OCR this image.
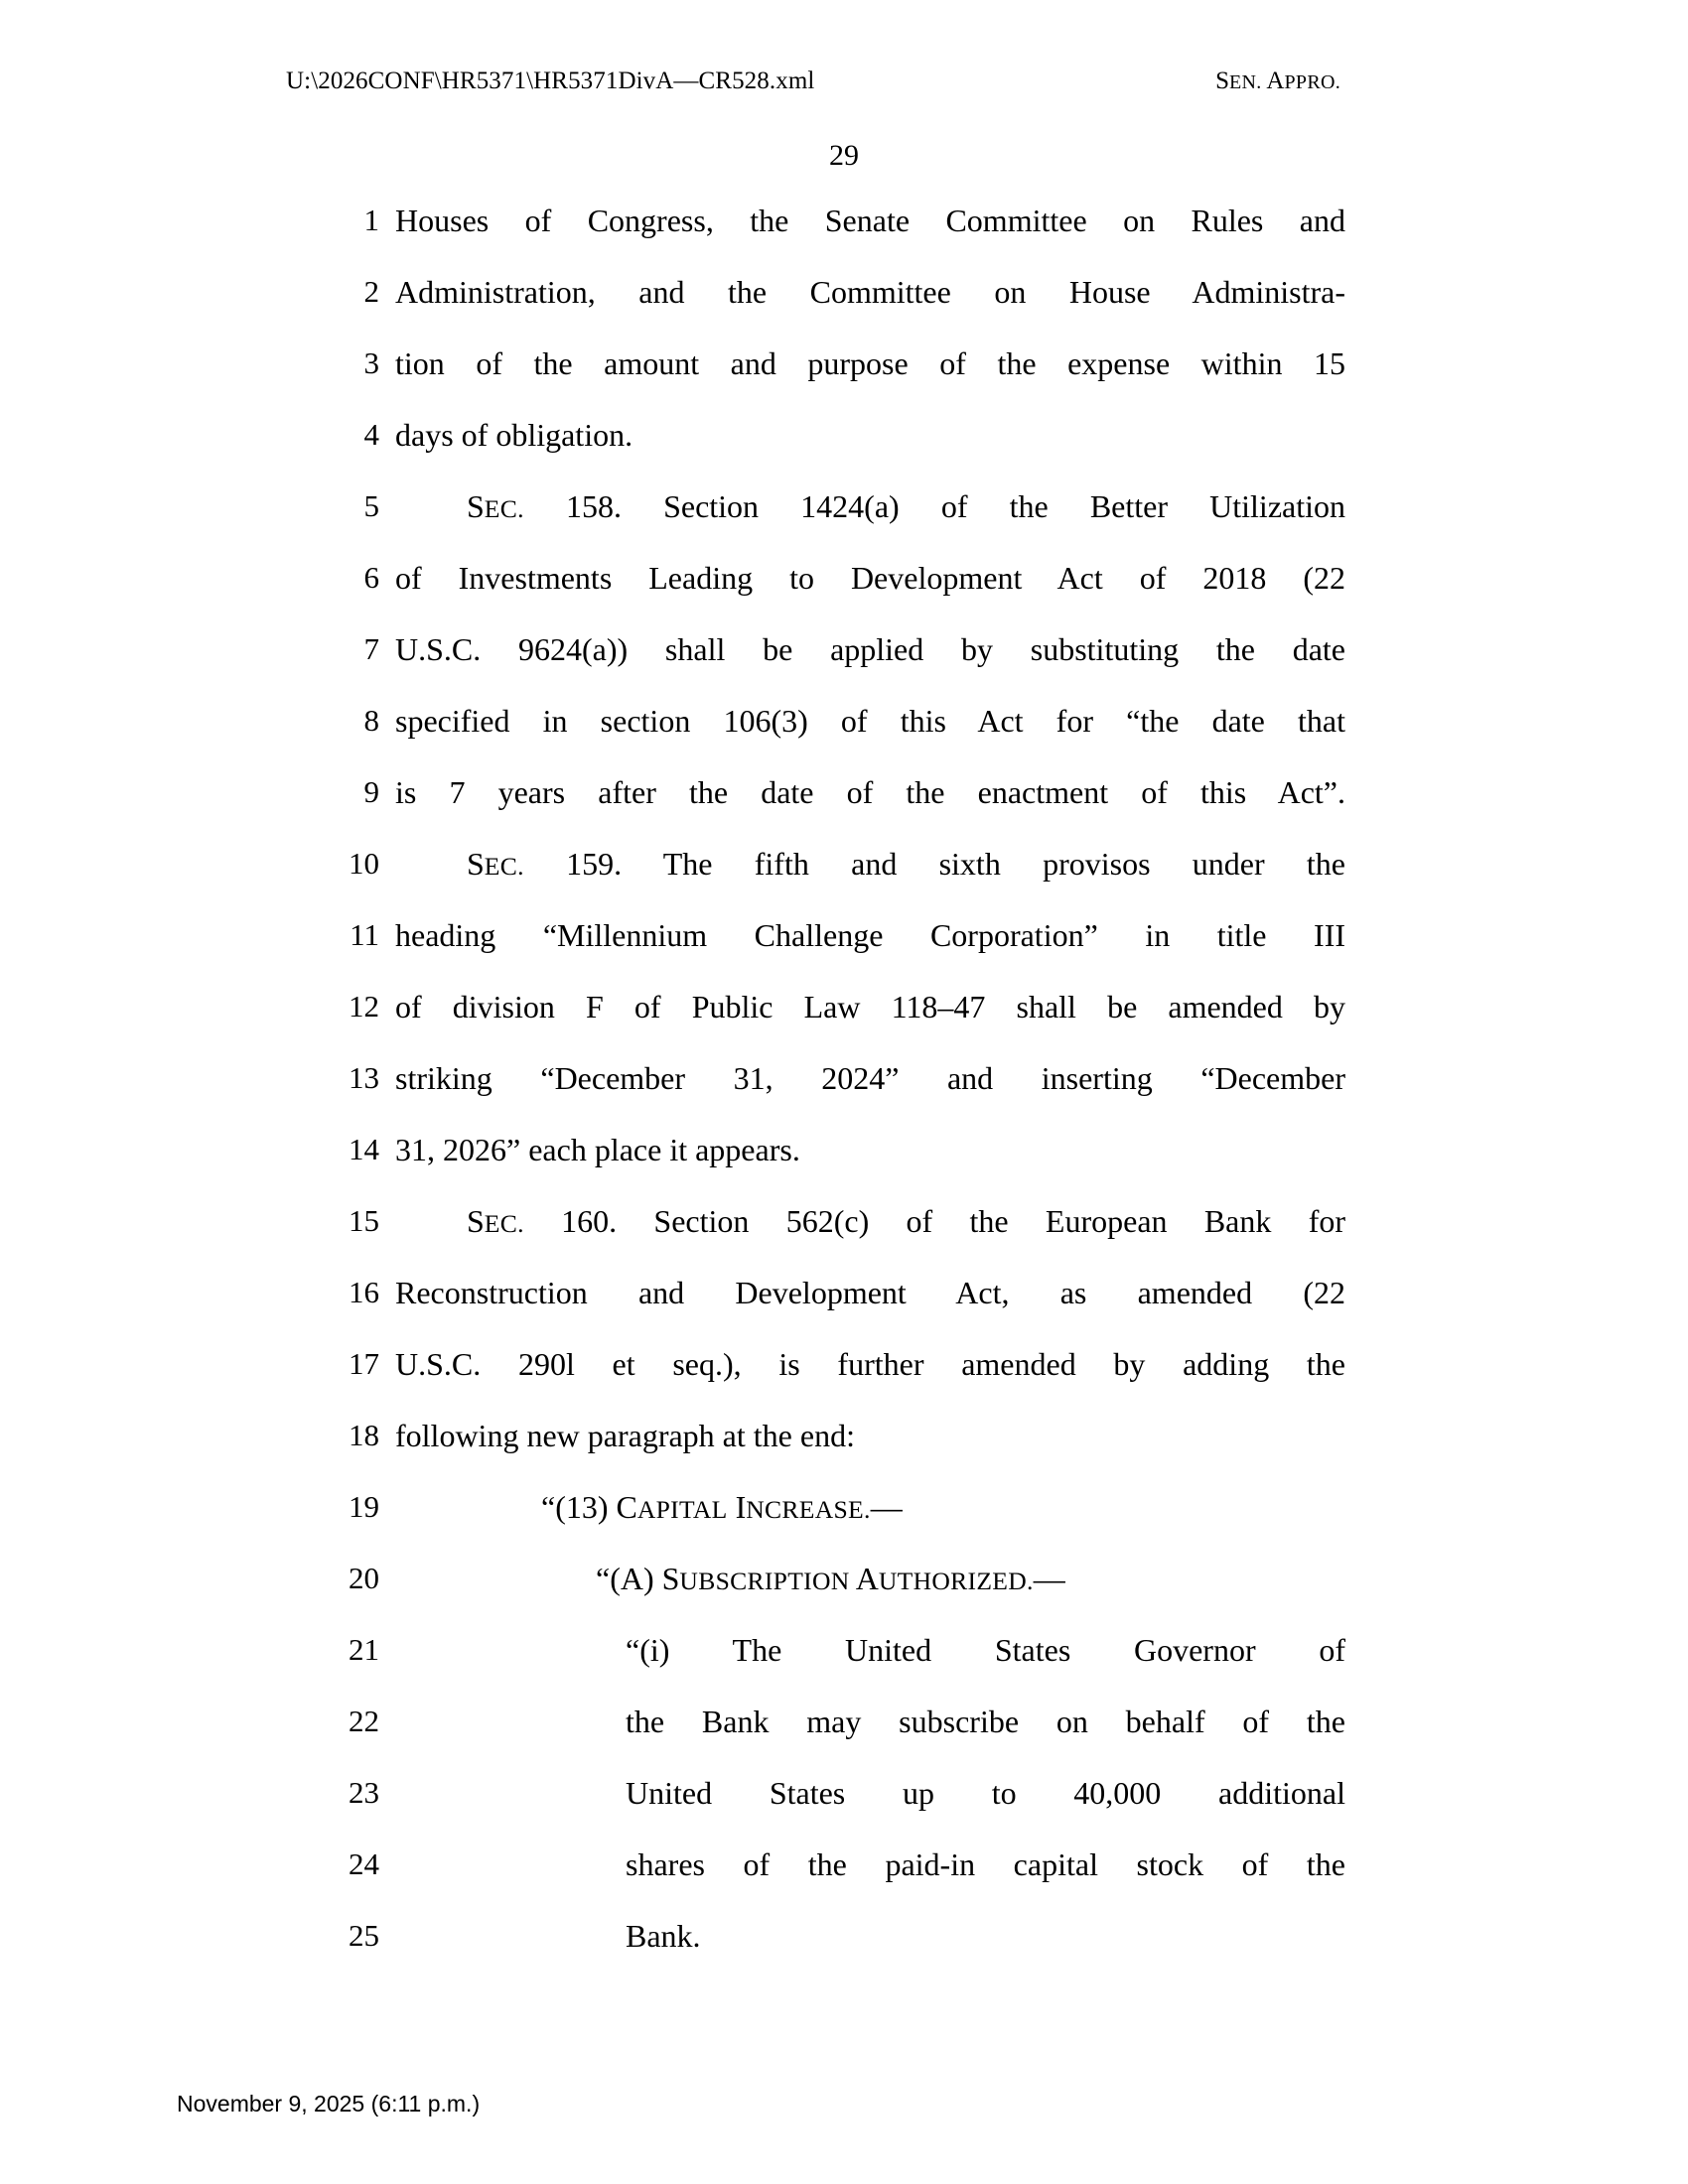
U:\2026CONF\HR5371\HR5371DivA—CR528.xml	SEN. APPRO.
29
1 Houses of Congress, the Senate Committee on Rules and
2 Administration, and the Committee on House Administra-
3 tion of the amount and purpose of the expense within 15
4 days of obligation.
5	SEC. 158. Section 1424(a) of the Better Utilization
6 of Investments Leading to Development Act of 2018 (22
7 U.S.C. 9624(a)) shall be applied by substituting the date
8 specified in section 106(3) of this Act for “the date that
9 is 7 years after the date of the enactment of this Act”.
10	SEC. 159. The fifth and sixth provisos under the
11 heading “Millennium Challenge Corporation” in title III
12 of division F of Public Law 118–47 shall be amended by
13 striking “December 31, 2024” and inserting “December
14 31, 2026” each place it appears.
15	SEC. 160. Section 562(c) of the European Bank for
16 Reconstruction and Development Act, as amended (22
17 U.S.C. 290l et seq.), is further amended by adding the
18 following new paragraph at the end:
19	“(13) CAPITAL INCREASE.—
20	“(A) SUBSCRIPTION AUTHORIZED.—
21	“(i) The United States Governor of
22	the Bank may subscribe on behalf of the
23	United States up to 40,000 additional
24	shares of the paid-in capital stock of the
25	Bank.
November 9, 2025 (6:11 p.m.)
